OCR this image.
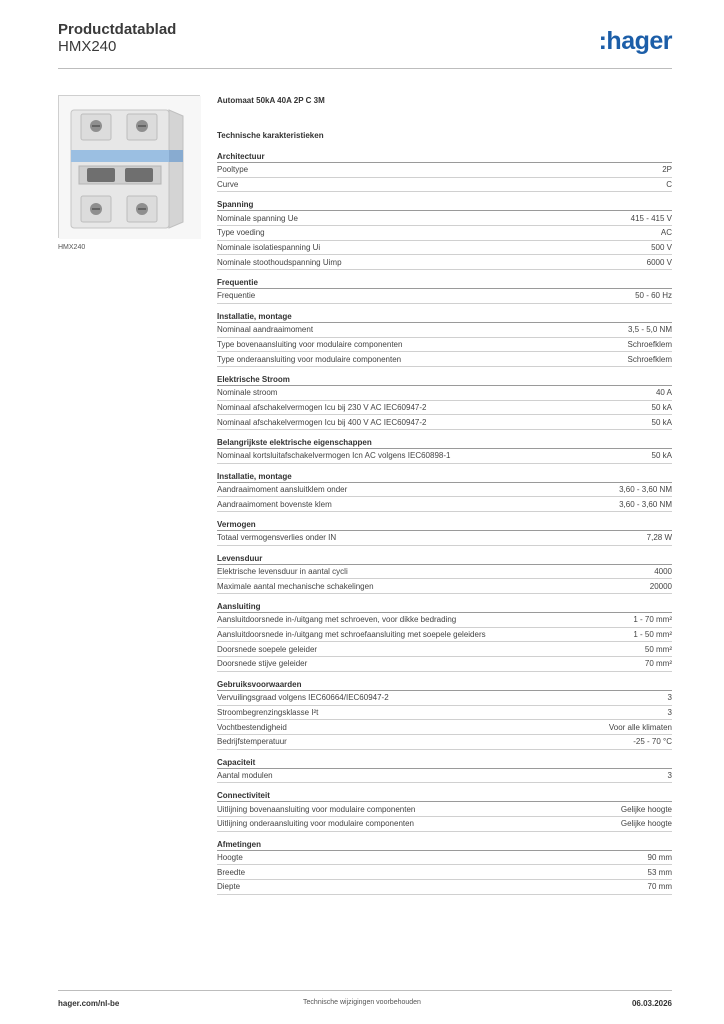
Productdatablad
HMX240	:hager
HMX240
Automaat 50kA 40A 2P C 3M
Technische karakteristieken
Architectuur
Pooltype	2P
Curve	C
Spanning
Nominale spanning Ue	415 - 415 V
Type voeding	AC
Nominale isolatiespanning Ui	500 V
Nominale stoothoudspanning Uimp	6000 V
Frequentie
Frequentie	50 - 60 Hz
Installatie, montage
Nominaal aandraaimoment	3,5 - 5,0 NM
Type bovenaansluiting voor modulaire componenten	Schroefklem
Type onderaansluiting voor modulaire componenten	Schroefklem
Elektrische Stroom
Nominale stroom	40 A
Nominaal afschakelvermogen Icu bij 230 V AC IEC60947-2	50 kA
Nominaal afschakelvermogen Icu bij 400 V AC IEC60947-2	50 kA
Belangrijkste elektrische eigenschappen
Nominaal kortsluitafschakelvermogen Icn AC volgens IEC60898-1	50 kA
Installatie, montage
Aandraaimoment aansluitklem onder	3,60 - 3,60 NM
Aandraaimoment bovenste klem	3,60 - 3,60 NM
Vermogen
Totaal vermogensverlies onder IN	7,28 W
Levensduur
Elektrische levensduur in aantal cycli	4000
Maximale aantal mechanische schakelingen	20000
Aansluiting
Aansluitdoorsnede in-/uitgang met schroeven, voor dikke bedrading	1 - 70 mm²
Aansluitdoorsnede in-/uitgang met schroefaansluiting met soepele geleiders	1 - 50 mm²
Doorsnede soepele geleider	50 mm²
Doorsnede stijve geleider	70 mm²
Gebruiksvoorwaarden
Vervuilingsgraad volgens IEC60664/IEC60947-2	3
Stroombegrenzingsklasse I²t	3
Vochtbestendigheid	Voor alle klimaten
Bedrijfstemperatuur	-25 - 70 °C
Capaciteit
Aantal modulen	3
Connectiviteit
Uitlijning bovenaansluiting voor modulaire componenten	Gelijke hoogte
Uitlijning onderaansluiting voor modulaire componenten	Gelijke hoogte
Afmetingen
Hoogte	90 mm
Breedte	53 mm
Diepte	70 mm
hager.com/nl-be	Technische wijzigingen voorbehouden	06.03.2026
